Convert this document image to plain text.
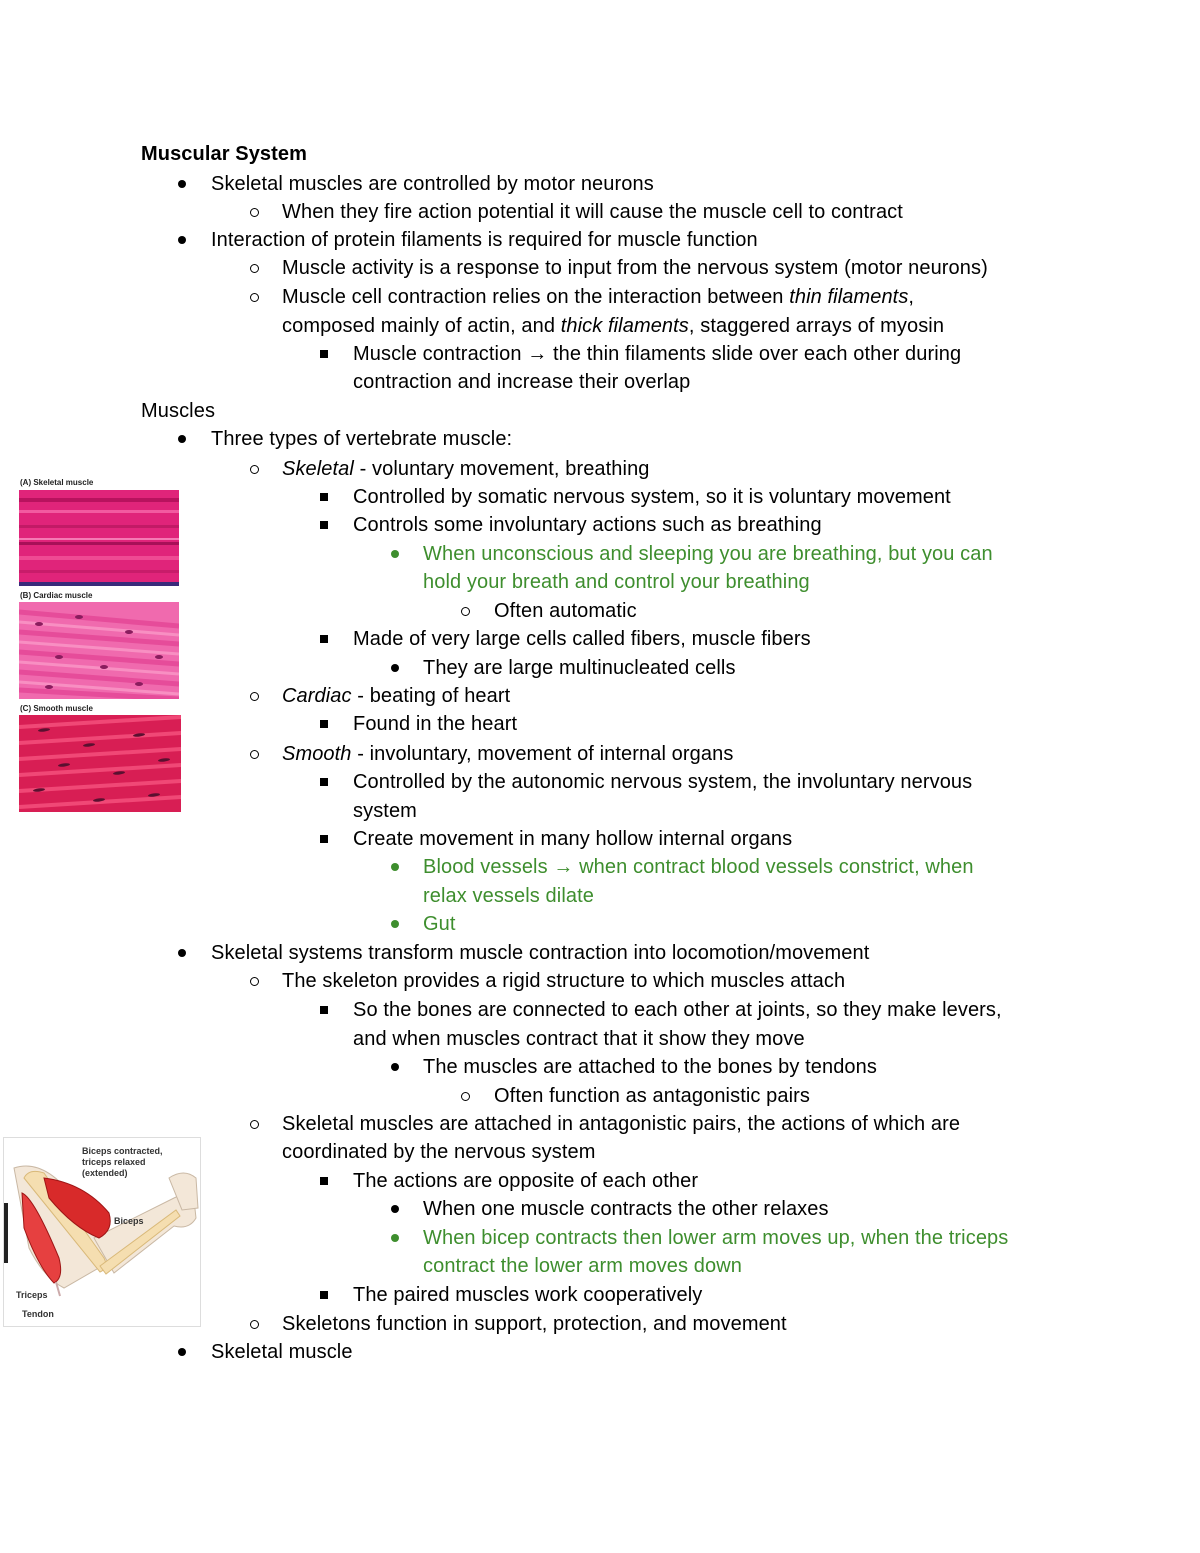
Muscular System
Skeletal muscles are controlled by motor neurons
When they fire action potential it will cause the muscle cell to contract
Interaction of protein filaments is required for muscle function
Muscle activity is a response to input from the nervous system (motor neurons)
Muscle cell contraction relies on the interaction between thin filaments,
composed mainly of actin, and thick filaments, staggered arrays of myosin
Muscle contraction → the thin filaments slide over each other during
contraction and increase their overlap
Muscles
Three types of vertebrate muscle:
Skeletal - voluntary movement, breathing
Controlled by somatic nervous system, so it is voluntary movement
Controls some involuntary actions such as breathing
When unconscious and sleeping you are breathing, but you can
hold your breath and control your breathing
Often automatic
Made of very large cells called fibers, muscle fibers
They are large multinucleated cells
Cardiac - beating of heart
Found in the heart
Smooth - involuntary, movement of internal organs
Controlled by the autonomic nervous system, the involuntary nervous
system
Create movement in many hollow internal organs
Blood vessels → when contract blood vessels constrict, when
relax vessels dilate
Gut
Skeletal systems transform muscle contraction into locomotion/movement
The skeleton provides a rigid structure to which muscles attach
So the bones are connected to each other at joints, so they make levers,
and when muscles contract that it show they move
The muscles are attached to the bones by tendons
Often function as antagonistic pairs
Skeletal muscles are attached in antagonistic pairs, the actions of which are
coordinated by the nervous system
The actions are opposite of each other
When one muscle contracts the other relaxes
When bicep contracts then lower arm moves up, when the triceps
contract the lower arm moves down
The paired muscles work cooperatively
Skeletons function in support, protection, and movement
Skeletal muscle
(A) Skeletal muscle
(B) Cardiac muscle
(C) Smooth muscle
Biceps contracted,
triceps relaxed
(extended)
Biceps
Triceps
Tendon
